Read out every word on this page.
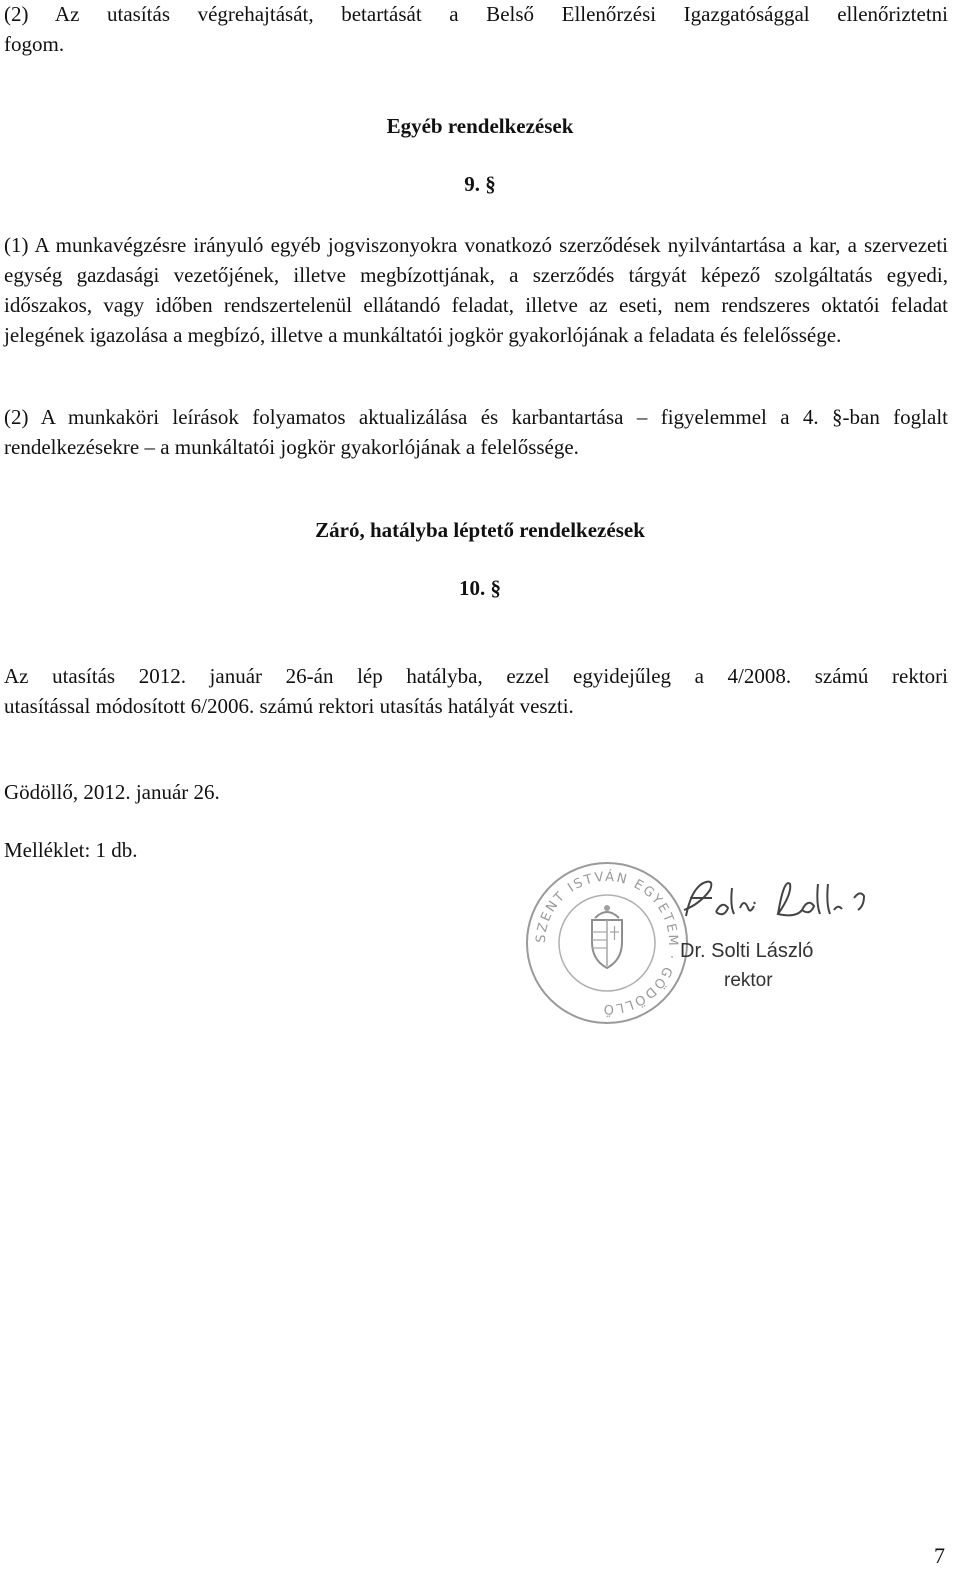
(2) Az utasítás végrehajtását, betartását a Belső Ellenőrzési Igazgatósággal ellenőriztetni
fogom.
Egyéb rendelkezések
9. §
(1) A munkavégzésre irányuló egyéb jogviszonyokra vonatkozó szerződések nyilvántartása a kar, a szervezeti egység gazdasági vezetőjének, illetve megbízottjának, a szerződés tárgyát képező szolgáltatás egyedi, időszakos, vagy időben rendszertelenül ellátandó feladat, illetve az eseti, nem rendszeres oktatói feladat jelegének igazolása a megbízó, illetve a munkáltatói jogkör gyakorlójának a feladata és felelőssége.
(2) A munkaköri leírások folyamatos aktualizálása és karbantartása – figyelemmel a 4. §-ban foglalt rendelkezésekre – a munkáltatói jogkör gyakorlójának a felelőssége.
Záró, hatályba léptető rendelkezések
10. §
Az utasítás 2012. január 26-án lép hatályba, ezzel egyidejűleg a 4/2008. számú rektori
utasítással módosított 6/2006. számú rektori utasítás hatályát veszti.
Gödöllő, 2012. január 26.
Melléklet: 1 db.
SZENT ISTVÁN EGYETEM · GÖDÖLLŐ
Dr. Solti László
rektor
7
